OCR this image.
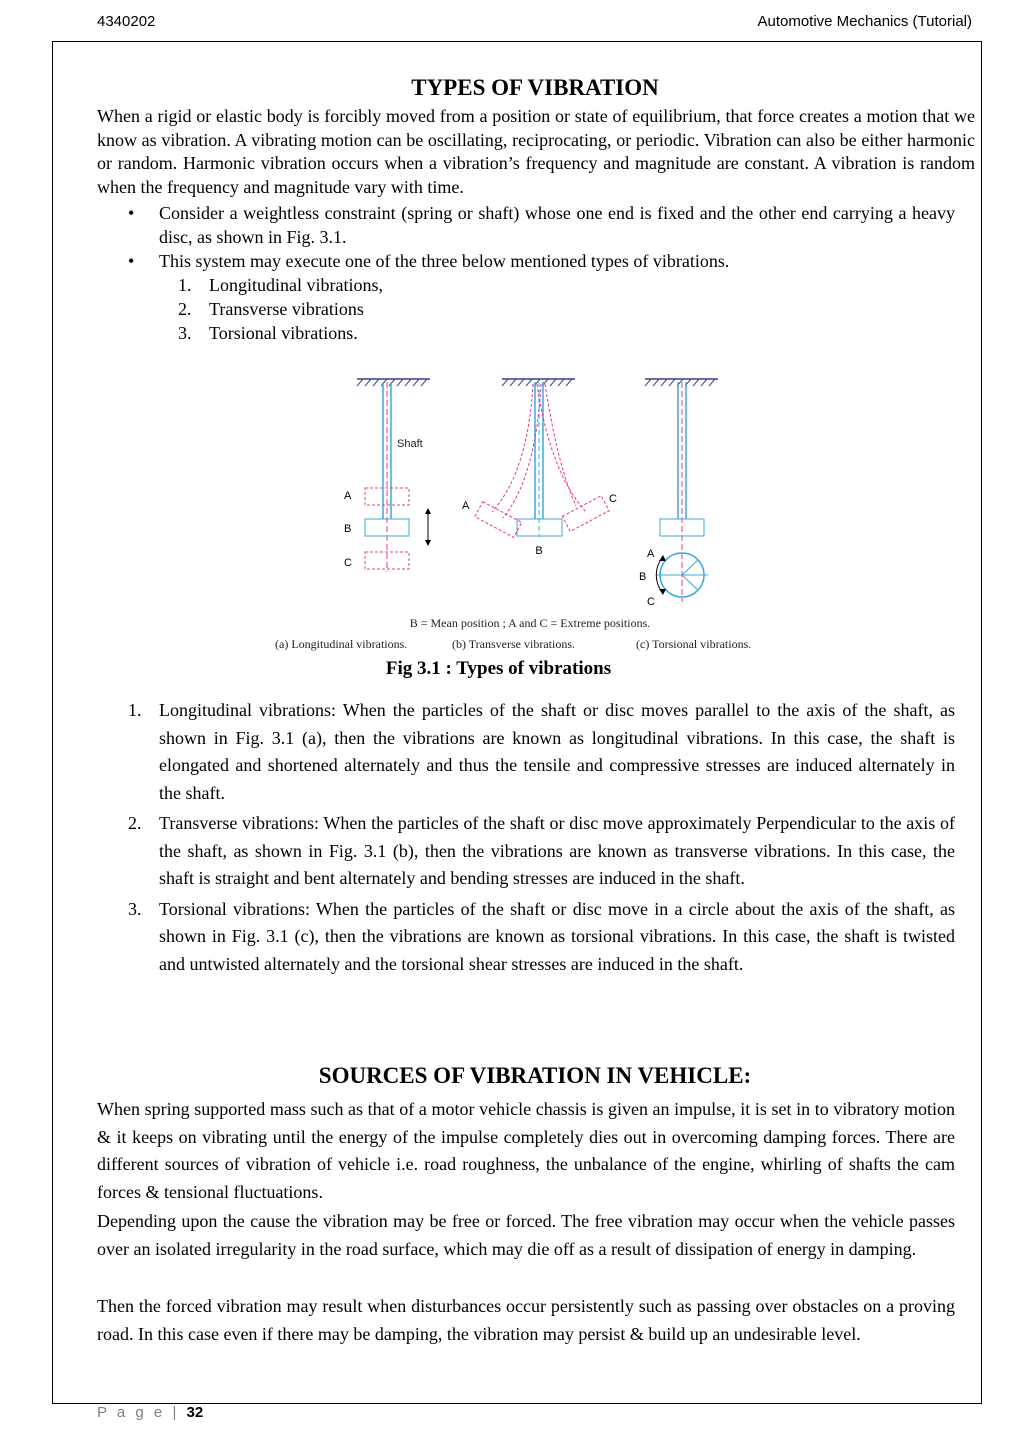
4340202	Automotive Mechanics (Tutorial)
TYPES OF VIBRATION

When a rigid or elastic body is forcibly moved from a position or state of equilibrium, that force creates a motion that we know as vibration. A vibrating motion can be oscillating, reciprocating, or periodic. Vibration can also be either harmonic or random. Harmonic vibration occurs when a vibration’s frequency and magnitude are constant. A vibration is random when the frequency and magnitude vary with time.

• Consider a weightless constraint (spring or shaft) whose one end is fixed and the other end carrying a heavy disc, as shown in Fig. 3.1.
• This system may execute one of the three below mentioned types of vibrations.
1. Longitudinal vibrations,
2. Transverse vibrations
3. Torsional vibrations.
Shaft
A
B
C
A
B
C
A
B
C
B = Mean position ; A and C = Extreme positions.
(a) Longitudinal vibrations.	(b) Transverse vibrations.	(c) Torsional vibrations.
Fig 3.1 : Types of vibrations
1. Longitudinal vibrations: When the particles of the shaft or disc moves parallel to the axis of the shaft, as shown in Fig. 3.1 (a), then the vibrations are known as longitudinal vibrations. In this case, the shaft is elongated and shortened alternately and thus the tensile and compressive stresses are induced alternately in the shaft.
2. Transverse vibrations: When the particles of the shaft or disc move approximately Perpendicular to the axis of the shaft, as shown in Fig. 3.1 (b), then the vibrations are known as transverse vibrations. In this case, the shaft is straight and bent alternately and bending stresses are induced in the shaft.
3. Torsional vibrations: When the particles of the shaft or disc move in a circle about the axis of the shaft, as shown in Fig. 3.1 (c), then the vibrations are known as torsional vibrations. In this case, the shaft is twisted and untwisted alternately and the torsional shear stresses are induced in the shaft.
SOURCES OF VIBRATION IN VEHICLE:

When spring supported mass such as that of a motor vehicle chassis is given an impulse, it is set in to vibratory motion & it keeps on vibrating until the energy of the impulse completely dies out in overcoming damping forces. There are different sources of vibration of vehicle i.e. road roughness, the unbalance of the engine, whirling of shafts the cam forces & tensional fluctuations.

Depending upon the cause the vibration may be free or forced. The free vibration may occur when the vehicle passes over an isolated irregularity in the road surface, which may die off as a result of dissipation of energy in damping.

Then the forced vibration may result when disturbances occur persistently such as passing over obstacles on a proving road. In this case even if there may be damping, the vibration may persist & build up an undesirable level.

P a g e | 32
